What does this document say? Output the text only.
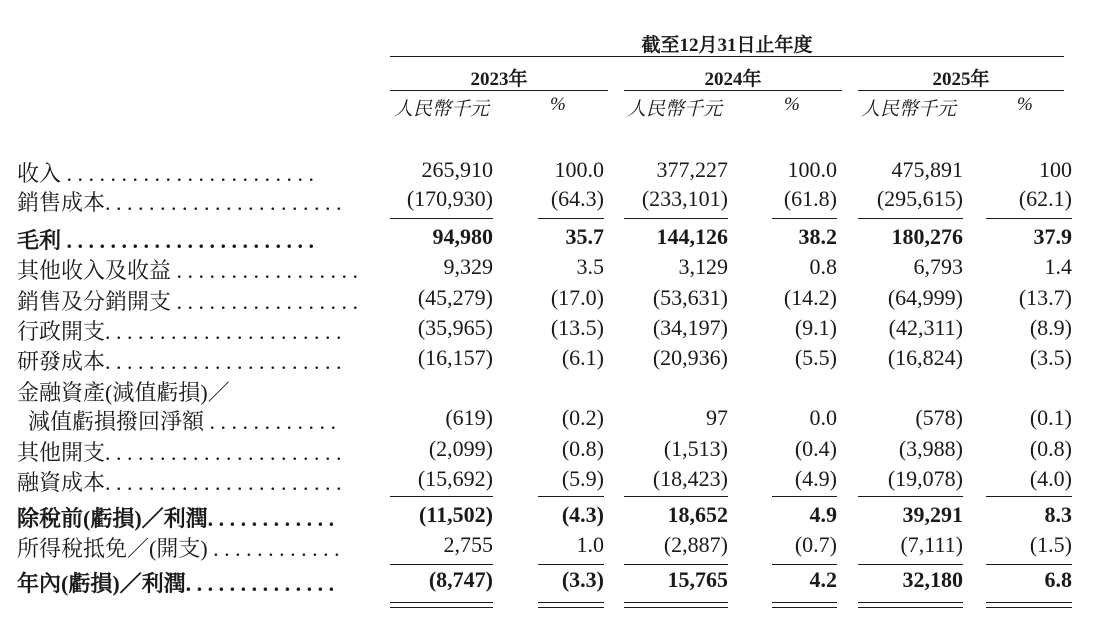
截至12月31日止年度
2023年	2024年	2025年
人民幣千元	%	人民幣千元	%	人民幣千元	%
收入 . . . . . . . . . . . . . . . . . . . . . . .	265,910	100.0 377,227	100.0 475,891	100
銷售成本. . . . . . . . . . . . . . . . . . . . . .	(170,930)	(64.3) (233,101)	(61.8) (295,615)	(62.1)
毛利 . . . . . . . . . . . . . . . . . . . . . . .	94,980	35.7 144,126	38.2 180,276	37.9
其他收入及收益 . . . . . . . . . . . . . . . . .	9,329	3.5	3,129	0.8	6,793	1.4
銷售及分銷開支 . . . . . . . . . . . . . . . . .	(45,279)	(17.0) (53,631)	(14.2) (64,999)	(13.7)
行政開支. . . . . . . . . . . . . . . . . . . . . .	(35,965)	(13.5) (34,197)	(9.1) (42,311)	(8.9)
研發成本. . . . . . . . . . . . . . . . . . . . . .	(16,157)	(6.1) (20,936)	(5.5) (16,824)	(3.5)
金融資產(減值虧損)／
減值虧損撥回淨額 . . . . . . . . . . . .	(619)	(0.2)	97	0.0	(578)	(0.1)
其他開支. . . . . . . . . . . . . . . . . . . . . .	(2,099)	(0.8)	(1,513)	(0.4)	(3,988)	(0.8)
融資成本. . . . . . . . . . . . . . . . . . . . . .	(15,692)	(5.9) (18,423)	(4.9) (19,078)	(4.0)
除稅前(虧損)／利潤. . . . . . . . . . . .	(11,502)	(4.3)	18,652	4.9	39,291	8.3
所得稅抵免／(開支) . . . . . . . . . . . .	2,755	1.0	(2,887)	(0.7)	(7,111)	(1.5)
年內(虧損)／利潤. . . . . . . . . . . . . .	(8,747)	(3.3)	15,765	4.2	32,180	6.8
